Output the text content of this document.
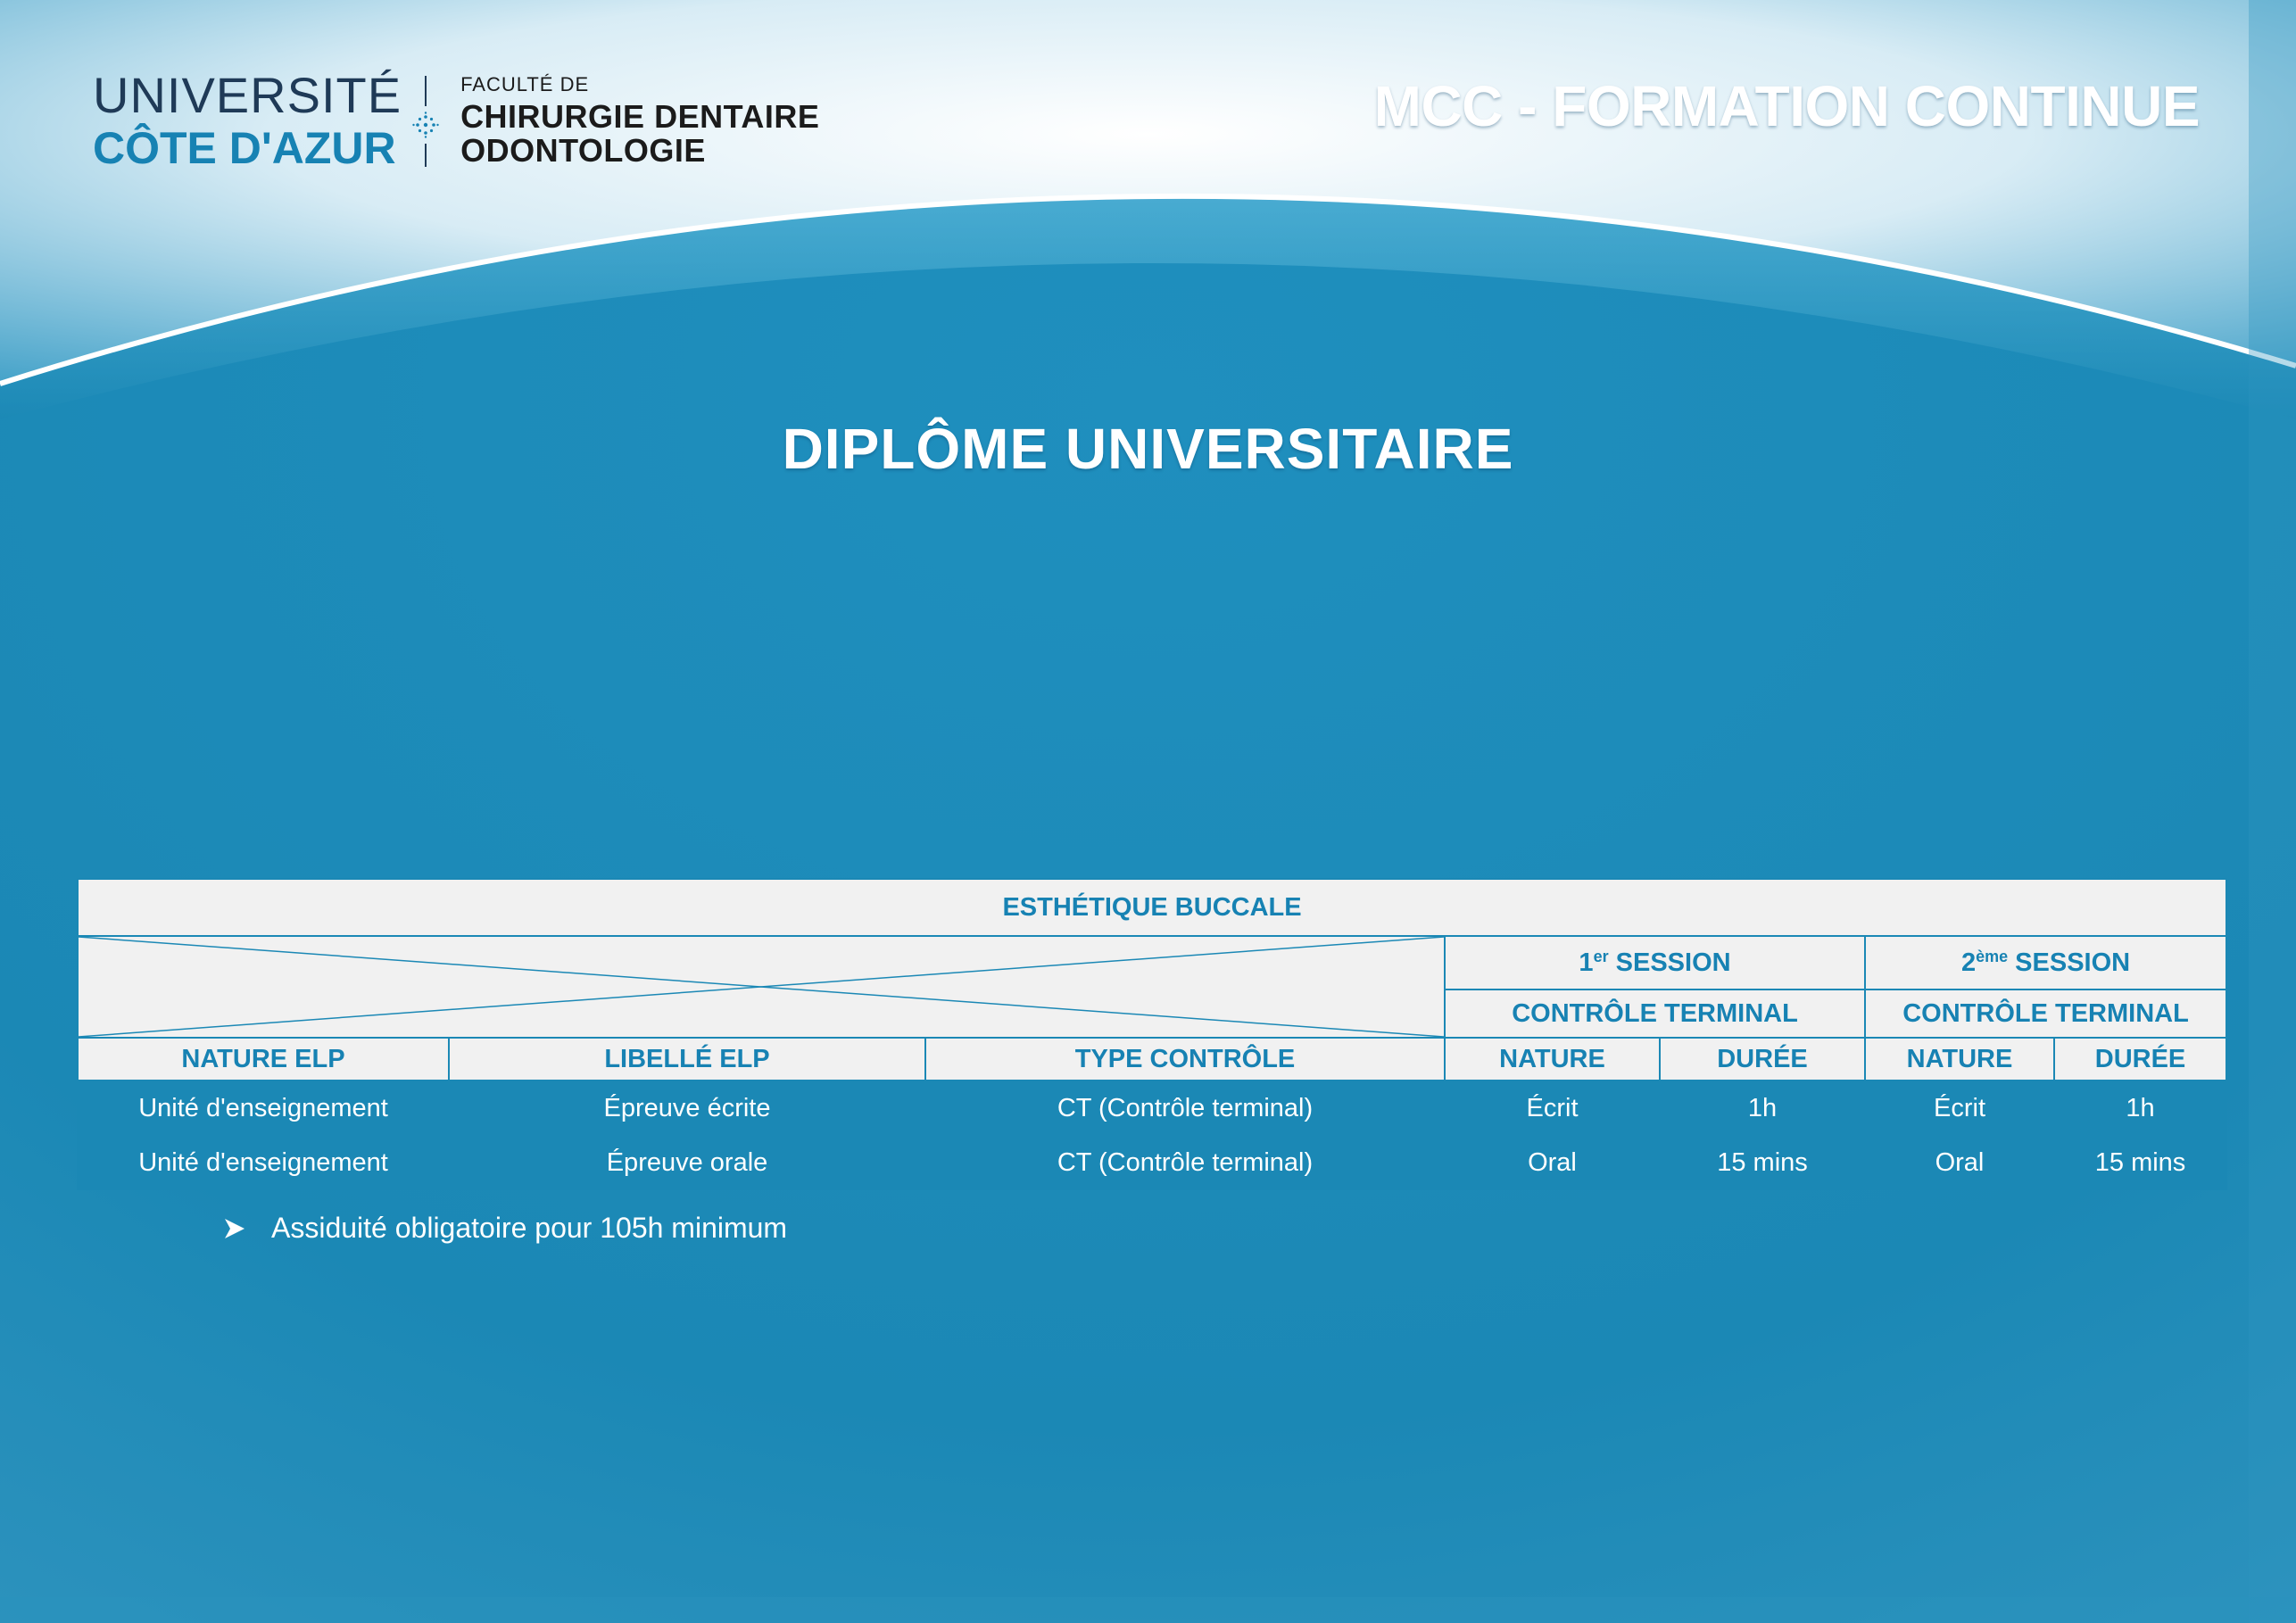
UNIVERSITÉ
CÔTE D'AZUR
FACULTÉ DE
CHIRURGIE DENTAIRE
ODONTOLOGIE
MCC - FORMATION CONTINUE
DIPLÔME UNIVERSITAIRE
ESTHÉTIQUE BUCCALE						

	1er SESSION		2ème SESSION	
			CONTRÔLE TERMINAL		CONTRÔLE TERMINAL	
NATURE ELP	LIBELLÉ ELP	TYPE CONTRÔLE	NATURE	DURÉE	NATURE	DURÉE
Unité d'enseignement	Épreuve écrite	CT (Contrôle terminal)	Écrit	1h	Écrit	1h
Unité d'enseignement	Épreuve orale	CT (Contrôle terminal)	Oral	15 mins	Oral	15 mins
Assiduité obligatoire pour 105h minimum
